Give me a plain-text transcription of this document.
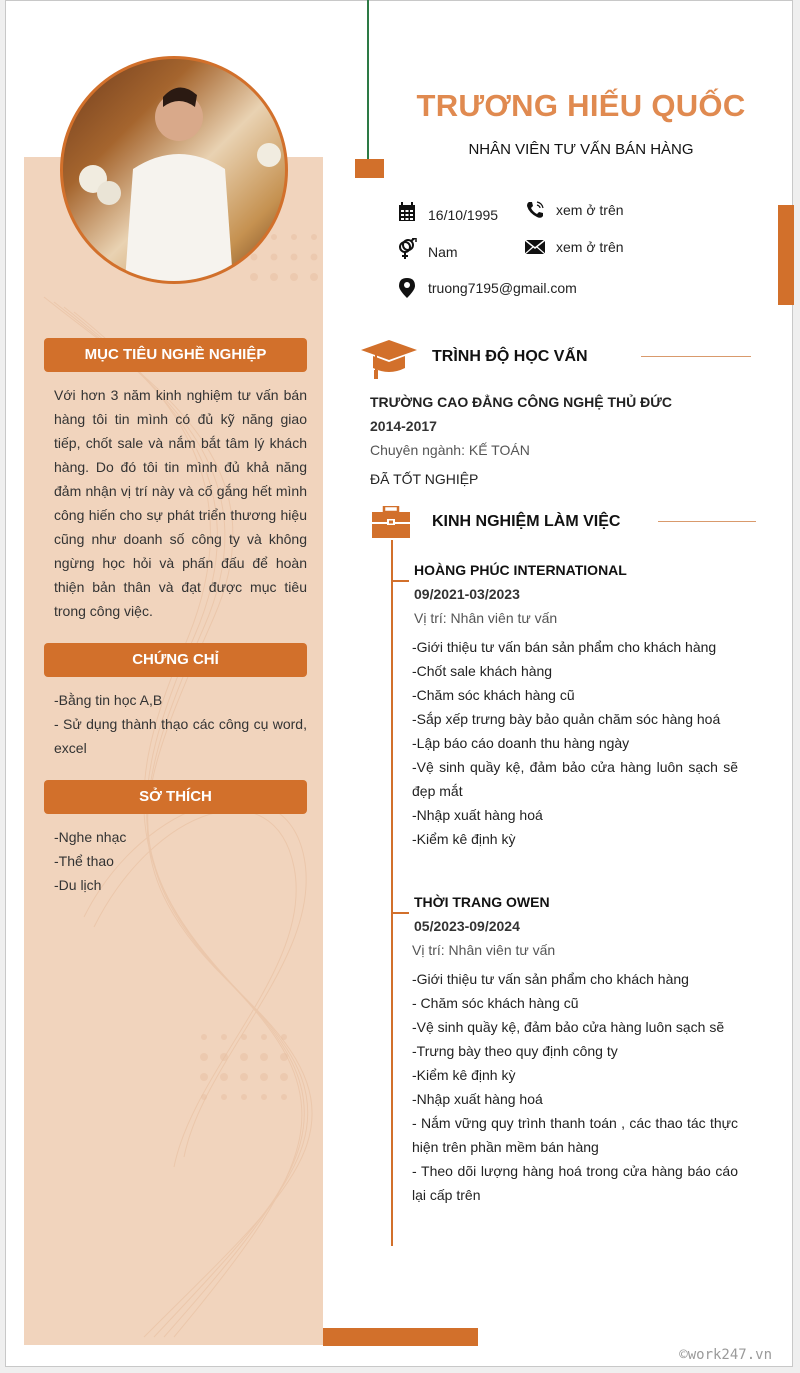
MỤC TIÊU NGHỀ NGHIỆP
Với hơn 3 năm kinh nghiệm tư vấn bán hàng tôi tin mình có đủ kỹ năng giao tiếp, chốt sale và nắm bắt tâm lý khách hàng. Do đó tôi tin mình đủ khả năng đảm nhận vị trí này và cố gắng hết mình công hiến cho sự phát triển thương hiệu cũng như doanh số công ty và không ngừng học hỏi và phấn đấu để hoàn thiện bản thân và đạt được mục tiêu trong công việc.
CHỨNG CHỈ
-Bằng tin học A,B
- Sử dụng thành thạo các công cụ word, excel
SỞ THÍCH
-Nghe nhạc
-Thể thao
-Du lịch
TRƯƠNG HIẾU QUỐC
NHÂN VIÊN TƯ VẤN BÁN HÀNG
16/10/1995	xem ở trên
Nam	xem ở trên
truong7195@gmail.com
TRÌNH ĐỘ HỌC VẤN
TRƯỜNG CAO ĐẲNG CÔNG NGHỆ THỦ ĐỨC
2014-2017
Chuyên ngành: KẾ TOÁN
ĐÃ TỐT NGHIỆP
KINH NGHIỆM LÀM VIỆC
HOÀNG PHÚC INTERNATIONAL
09/2021-03/2023
Vị trí: Nhân viên tư vấn
-Giới thiệu tư vấn bán sản phẩm cho khách hàng
-Chốt sale khách hàng
-Chăm sóc khách hàng cũ
-Sắp xếp trưng bày bảo quản chăm sóc hàng hoá
-Lập báo cáo doanh thu hàng ngày
-Vệ sinh quầy kệ, đảm bảo cửa hàng luôn sạch sẽ đẹp mắt
-Nhập xuất hàng hoá
-Kiểm kê định kỳ
THỜI TRANG OWEN
05/2023-09/2024
Vị trí: Nhân viên tư vấn
-Giới thiệu tư vấn sản phẩm cho khách hàng
- Chăm sóc khách hàng cũ
-Vệ sinh quầy kệ, đảm bảo cửa hàng luôn sạch sẽ
-Trưng bày theo quy định công ty
-Kiểm kê định kỳ
-Nhập xuất hàng hoá
- Nắm vững quy trình thanh toán , các thao tác thực hiện trên phần mềm bán hàng
- Theo dõi lượng hàng hoá trong cửa hàng báo cáo lại cấp trên
©work247.vn
